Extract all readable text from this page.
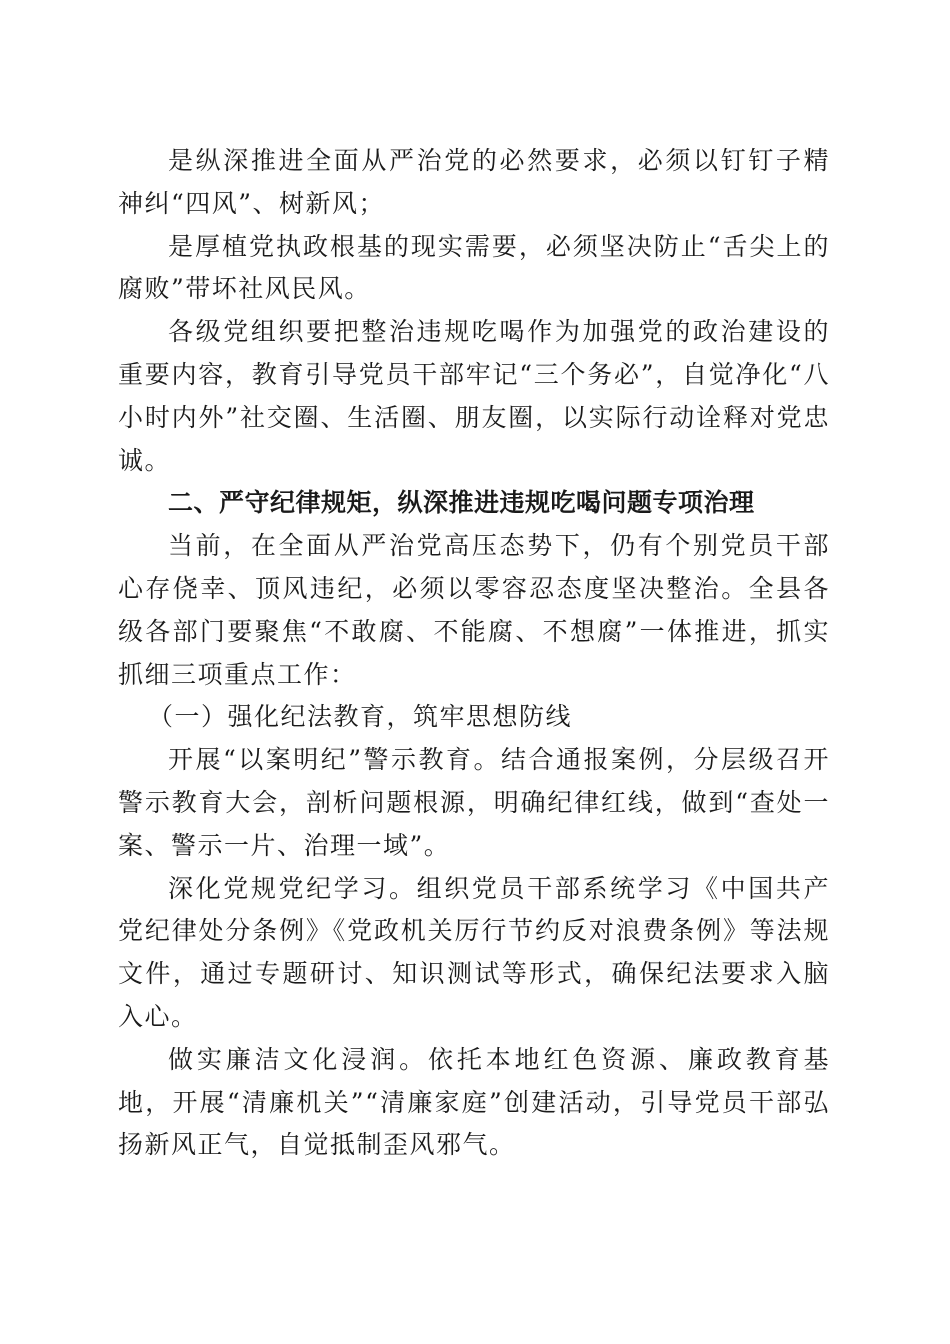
是纵深推进全面从严治党的必然要求，必须以钉钉子精神纠“四风”、树新风；

是厚植党执政根基的现实需要，必须坚决防止“舌尖上的腐败”带坏社风民风。

各级党组织要把整治违规吃喝作为加强党的政治建设的重要内容，教育引导党员干部牢记“三个务必”，自觉净化“八小时内外”社交圈、生活圈、朋友圈，以实际行动诠释对党忠诚。

二、严守纪律规矩，纵深推进违规吃喝问题专项治理

当前，在全面从严治党高压态势下，仍有个别党员干部心存侥幸、顶风违纪，必须以零容忍态度坚决整治。全县各级各部门要聚焦“不敢腐、不能腐、不想腐”一体推进，抓实抓细三项重点工作：

（一）强化纪法教育，筑牢思想防线

开展“以案明纪”警示教育。结合通报案例，分层级召开警示教育大会，剖析问题根源，明确纪律红线，做到“查处一案、警示一片、治理一域”。

深化党规党纪学习。组织党员干部系统学习《中国共产党纪律处分条例》《党政机关厉行节约反对浪费条例》等法规文件，通过专题研讨、知识测试等形式，确保纪法要求入脑入心。

做实廉洁文化浸润。依托本地红色资源、廉政教育基地，开展“清廉机关”“清廉家庭”创建活动，引导党员干部弘扬新风正气，自觉抵制歪风邪气。
